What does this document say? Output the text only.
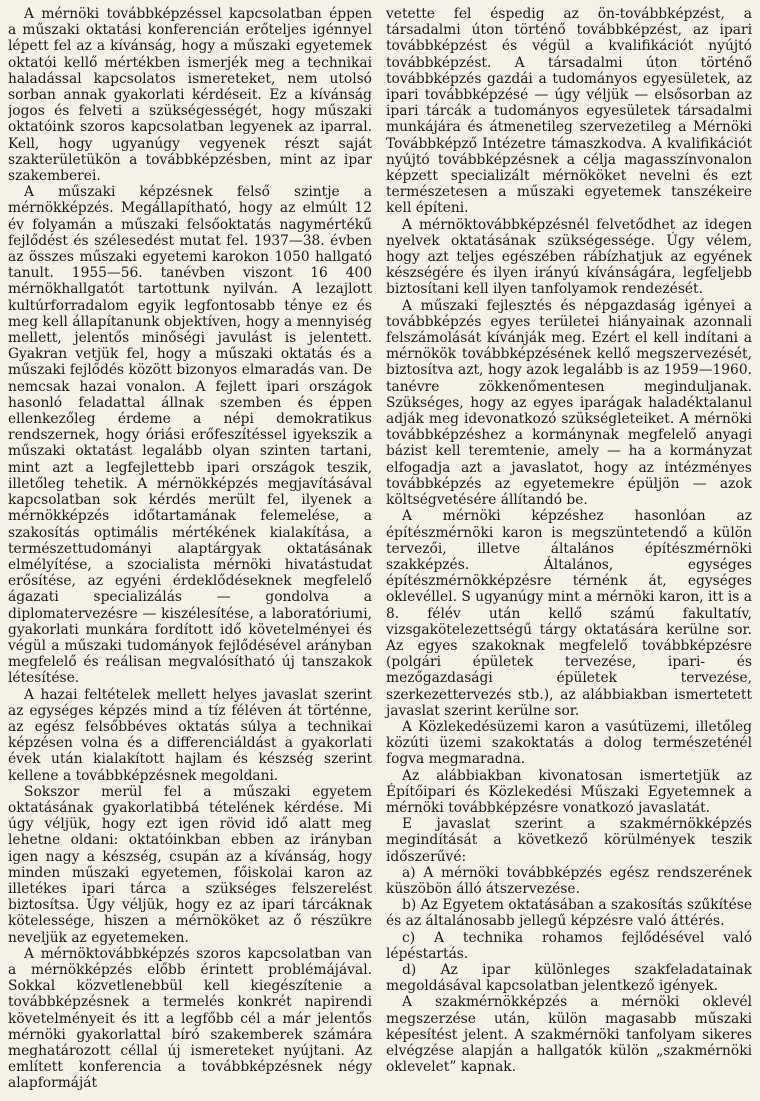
A mérnöki továbbképzéssel kapcsolatban éppen a műszaki oktatási konferencián erőteljes igénnyel lépett fel az a kívánság, hogy a műszaki egyetemek oktatói kellő mértékben ismerjék meg a technikai haladással kapcsolatos ismereteket, nem utolsó sorban annak gyakorlati kérdéseit. Ez a kívánság jogos és felveti a szükségességét, hogy műszaki oktatóink szoros kapcsolatban legyenek az iparral. Kell, hogy ugyanúgy vegyenek részt saját szakterületükön a továbbképzésben, mint az ipar szakemberei.

A műszaki képzésnek felső szintje a mérnökképzés. Megállapítható, hogy az elmúlt 12 év folyamán a műszaki felsőoktatás nagymértékű fejlődést és szélesedést mutat fel. 1937—38. évben az összes műszaki egyetemi karokon 1050 hallgató tanult. 1955—56. tanévben viszont 16 400 mérnökhallgatót tartottunk nyilván. A lezajlott kultúrforradalom egyik legfontosabb ténye ez és meg kell állapítanunk objektíven, hogy a mennyiség mellett, jelentős minőségi javulást is jelentett. Gyakran vetjük fel, hogy a műszaki oktatás és a műszaki fejlődés között bizonyos elmaradás van. De nemcsak hazai vonalon. A fejlett ipari országok hasonló feladattal állnak szemben és éppen ellenkezőleg érdeme a népi demokratikus rendszernek, hogy óriási erőfeszítéssel igyekszik a műszaki oktatást legalább olyan szinten tartani, mint azt a legfejlettebb ipari országok teszik, illetőleg tehetik. A mérnökképzés megjavításával kapcsolatban sok kérdés merült fel, ilyenek a mérnökképzés időtartamának felemelése, a szakosítás optimális mértékének kialakítása, a természettudományi alaptárgyak oktatásának elmélyítése, a szocialista mérnöki hivatástudat erősítése, az egyéni érdeklődéseknek megfelelő ágazati specializálás — gondolva a diplomatervezésre — kiszélesítése, a laboratóriumi, gyakorlati munkára fordított idő követelményei és végül a műszaki tudományok fejlődésével arányban megfelelő és reálisan megvalósítható új tanszakok létesítése.

A hazai feltételek mellett helyes javaslat szerint az egységes képzés mind a tíz féléven át történne, az egész felsőbbéves oktatás súlya a technikai képzésen volna és a differenciáldást a gyakorlati évek után kialakított hajlam és készség szerint kellene a továbbképzésnek megoldani.

Sokszor merül fel a műszaki egyetem oktatásának gyakorlatibbá tételének kérdése. Mi úgy véljük, hogy ezt igen rövid idő alatt meg lehetne oldani: oktatóinkban ebben az irányban igen nagy a készség, csupán az a kívánság, hogy minden műszaki egyetemen, főiskolai karon az illetékes ipari tárca a szükséges felszerelést biztosítsa. Úgy véljük, hogy ez az ipari tárcáknak kötelessége, hiszen a mérnököket az ő részükre neveljük az egyetemeken.

A mérnöktovábbképzés szoros kapcsolatban van a mérnökképzés előbb érintett problémájával. Sokkal közvetlenebbül kell kiegészítenie a továbbképzésnek a termelés konkrét napirendi követelményeit és itt a legfőbb cél a már jelentős mérnöki gyakorlattal bíró szakemberek számára meghatározott céllal új ismereteket nyújtani. Az említett konferencia a továbbképzésnek négy alapformáját

vetette fel éspedig az ön-továbbképzést, a társadalmi úton történő továbbképzést, az ipari továbbképzést és végül a kvalifikációt nyújtó továbbképzést. A társadalmi úton történő továbbképzés gazdái a tudományos egyesületek, az ipari továbbképzésé — úgy véljük — elsősorban az ipari tárcák a tudományos egyesületek társadalmi munkájára és átmenetileg szervezetileg a Mérnöki Továbbképző Intézetre támaszkodva. A kvalifikációt nyújtó továbbképzésnek a célja magasszínvonalon képzett specializált mérnököket nevelni és ezt természetesen a műszaki egyetemek tanszékeire kell építeni.

A mérnöktovábbképzésnél felvetődhet az idegen nyelvek oktatásának szükségessége. Úgy vélem, hogy azt teljes egészében rábízhatjuk az egyének készségére és ilyen irányú kívánságára, legfeljebb biztosítani kell ilyen tanfolyamok rendezését.

A műszaki fejlesztés és népgazdaság igényei a továbbképzés egyes területei hiányainak azonnali felszámolását kívánják meg. Ezért el kell indítani a mérnökök továbbképzésének kellő megszervezését, biztosítva azt, hogy azok legalább is az 1959—1960. tanévre zökkenőmentesen meginduljanak. Szükséges, hogy az egyes iparágak haladéktalanul adják meg idevonatkozó szükségleteiket. A mérnöki továbbképzéshez a kormánynak megfelelő anyagi bázist kell teremtenie, amely — ha a kormányzat elfogadja azt a javaslatot, hogy az intézményes továbbképzés az egyetemekre épüljön — azok költségvetésére állítandó be.

A mérnöki képzéshez hasonlóan az építészmérnöki karon is megszüntetendő a külön tervezői, illetve általános építészmérnöki szakképzés. Általános, egységes építészmérnökképzésre térnénk át, egységes oklevéllel. S ugyanúgy mint a mérnöki karon, itt is a 8. félév után kellő számú fakultatív, vizsgakötelezettségű tárgy oktatására kerülne sor. Az egyes szakoknak megfelelő továbbképzésre (polgári épületek tervezése, ipari- és mezőgazdasági épületek tervezése, szerkezettervezés stb.), az alábbiakban ismertetett javaslat szerint kerülne sor.

A Közlekedésüzemi karon a vasútüzemi, illetőleg közúti üzemi szakoktatás a dolog természeténél fogva megmaradna.

Az alábbiakban kivonatosan ismertetjük az Építőipari és Közlekedési Műszaki Egyetemnek a mérnöki továbbképzésre vonatkozó javaslatát.

E javaslat szerint a szakmérnökképzés megindítását a következő körülmények teszik időszerűvé:

a) A mérnöki továbbképzés egész rendszerének küszöbön álló átszervezése.

b) Az Egyetem oktatásában a szakosítás szűkítése és az általánosabb jellegű képzésre való áttérés.

c) A technika rohamos fejlődésével való lépéstartás.

d) Az ipar különleges szakfeladatainak megoldásával kapcsolatban jelentkező igények.

A szakmérnökképzés a mérnöki oklevél megszerzése után, külön magasabb műszaki képesítést jelent. A szakmérnöki tanfolyam sikeres elvégzése alapján a hallgatók külön „szakmérnöki oklevelet” kapnak.
